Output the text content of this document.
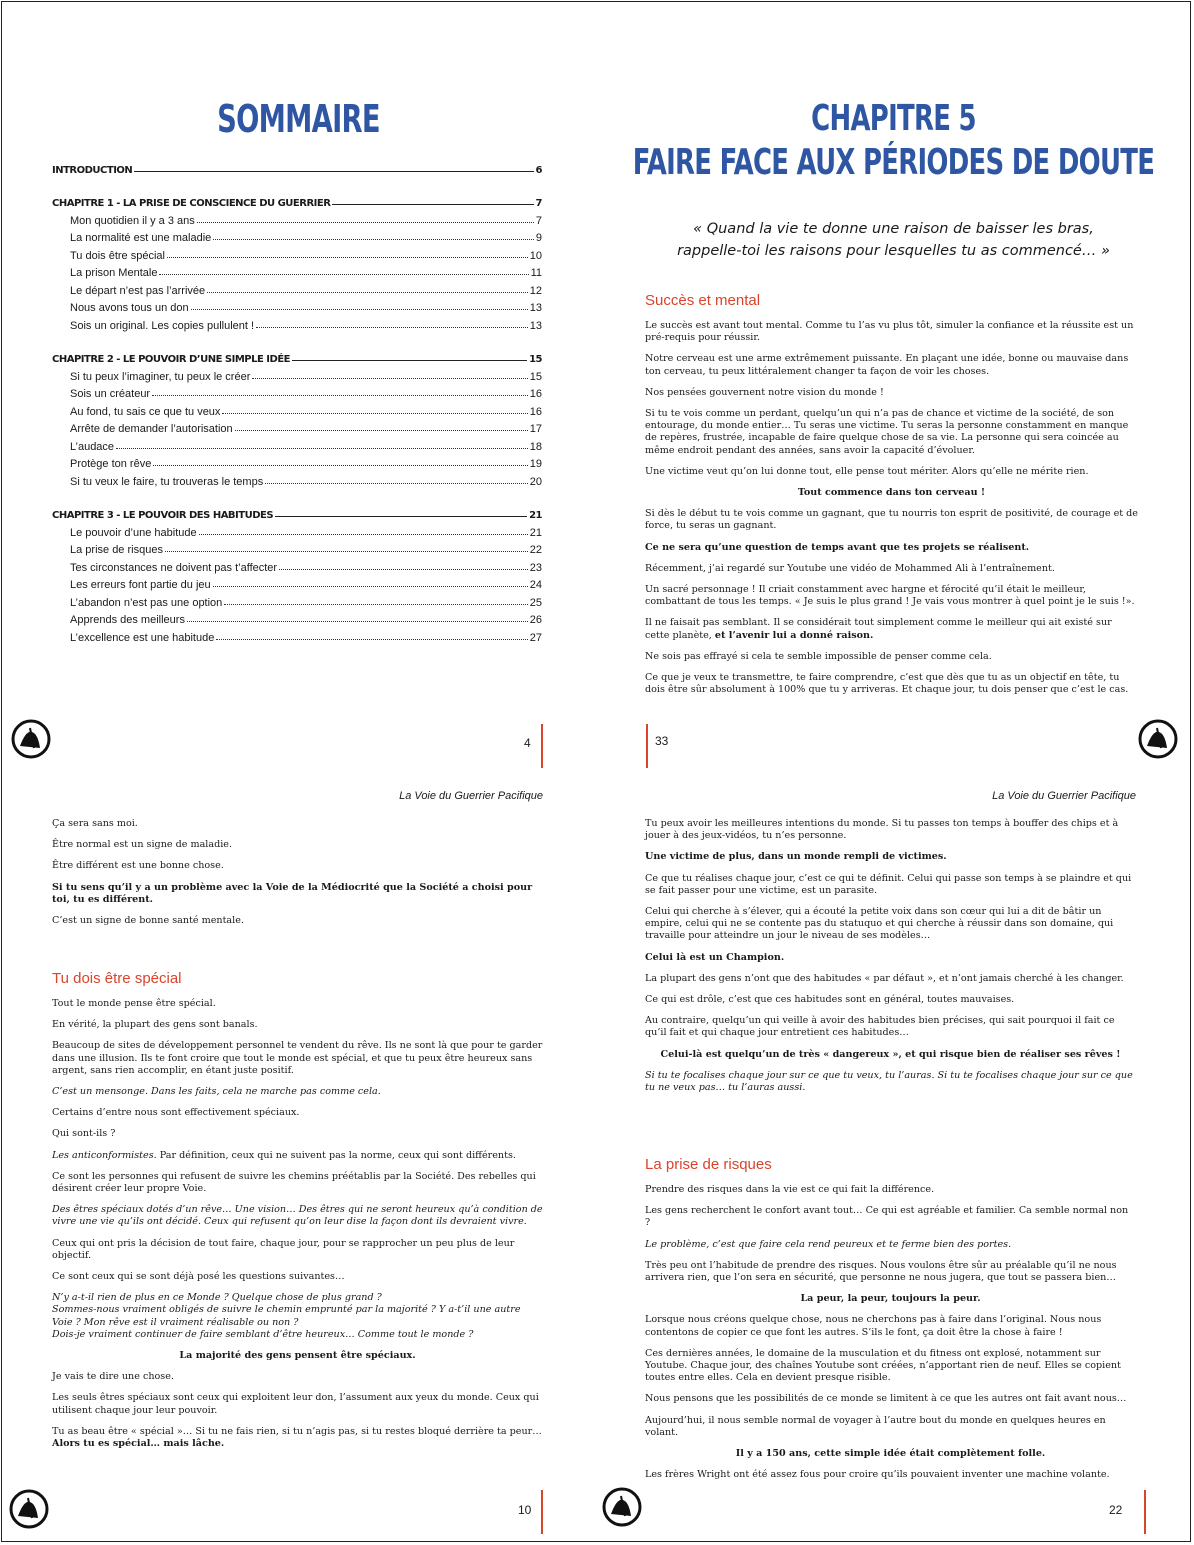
SOMMAIRE
INTRODUCTION	6
CHAPITRE 1 - LA PRISE DE CONSCIENCE DU GUERRIER	7
Mon quotidien il y a 3 ans	7
La normalité est une maladie	9
Tu dois être spécial	10
La prison Mentale	11
Le départ n’est pas l’arrivée	12
Nous avons tous un don	13
Sois un original. Les copies pullulent !	13
CHAPITRE 2 - LE POUVOIR D’UNE SIMPLE IDÉE	15
Si tu peux l’imaginer, tu peux le créer	15
Sois un créateur	16
Au fond, tu sais ce que tu veux	16
Arrête de demander l’autorisation	17
L’audace	18
Protège ton rêve	19
Si tu veux le faire, tu trouveras le temps	20
CHAPITRE 3 - LE POUVOIR DES HABITUDES	21
Le pouvoir d’une habitude	21
La prise de risques	22
Tes circonstances ne doivent pas t’affecter	23
Les erreurs font partie du jeu	24
L’abandon n’est pas une option	25
Apprends des meilleurs	26
L’excellence est une habitude	27
4
CHAPITRE 5
FAIRE FACE AUX PÉRIODES DE DOUTE
« Quand la vie te donne une raison de baisser les bras,
rappelle-toi les raisons pour lesquelles tu as commencé… »
Succès et mental

Le succès est avant tout mental. Comme tu l’as vu plus tôt, simuler la confiance et la réussite est un pré-requis pour réussir.

Notre cerveau est une arme extrêmement puissante. En plaçant une idée, bonne ou mauvaise dans ton cerveau, tu peux littéralement changer ta façon de voir les choses.

Nos pensées gouvernent notre vision du monde !

Si tu te vois comme un perdant, quelqu’un qui n’a pas de chance et victime de la société, de son entourage, du monde entier… Tu seras une victime. Tu seras la personne constamment en manque de repères, frustrée, incapable de faire quelque chose de sa vie. La personne qui sera coincée au même endroit pendant des années, sans avoir la capacité d’évoluer.

Une victime veut qu’on lui donne tout, elle pense tout mériter. Alors qu’elle ne mérite rien.

Tout commence dans ton cerveau !

Si dès le début tu te vois comme un gagnant, que tu nourris ton esprit de positivité, de courage et de force, tu seras un gagnant.

Ce ne sera qu’une question de temps avant que tes projets se réalisent.

Récemment, j’ai regardé sur Youtube une vidéo de Mohammed Ali à l’entraînement.

Un sacré personnage ! Il criait constamment avec hargne et férocité qu’il était le meilleur, combattant de tous les temps. « Je suis le plus grand ! Je vais vous montrer à quel point je le suis !».

Il ne faisait pas semblant. Il se considérait tout simplement comme le meilleur qui ait existé sur cette planète, et l’avenir lui a donné raison.

Ne sois pas effrayé si cela te semble impossible de penser comme cela.

Ce que je veux te transmettre, te faire comprendre, c’est que dès que tu as un objectif en tête, tu dois être sûr absolument à 100% que tu y arriveras. Et chaque jour, tu dois penser que c’est le cas.

33
La Voie du Guerrier Pacifique

Ça sera sans moi.

Être normal est un signe de maladie.

Être différent est une bonne chose.

Si tu sens qu’il y a un problème avec la Voie de la Médiocrité que la Société a choisi pour toi, tu es différent.

C’est un signe de bonne santé mentale.

Tu dois être spécial

Tout le monde pense être spécial.

En vérité, la plupart des gens sont banals.

Beaucoup de sites de développement personnel te vendent du rêve. Ils ne sont là que pour te garder dans une illusion. Ils te font croire que tout le monde est spécial, et que tu peux être heureux sans argent, sans rien accomplir, en étant juste positif.

C’est un mensonge. Dans les faits, cela ne marche pas comme cela.

Certains d’entre nous sont effectivement spéciaux.

Qui sont-ils ?

Les anticonformistes. Par définition, ceux qui ne suivent pas la norme, ceux qui sont différents.

Ce sont les personnes qui refusent de suivre les chemins préétablis par la Société. Des rebelles qui désirent créer leur propre Voie.

Des êtres spéciaux dotés d’un rêve… Une vision… Des êtres qui ne seront heureux qu’à condition de vivre une vie qu’ils ont décidé. Ceux qui refusent qu’on leur dise la façon dont ils devraient vivre.

Ceux qui ont pris la décision de tout faire, chaque jour, pour se rapprocher un peu plus de leur objectif.

Ce sont ceux qui se sont déjà posé les questions suivantes…

N’y a-t-il rien de plus en ce Monde ? Quelque chose de plus grand ?

Sommes-nous vraiment obligés de suivre le chemin emprunté par la majorité ? Y a-t’il une autre Voie ? Mon rêve est il vraiment réalisable ou non ?

Dois-je vraiment continuer de faire semblant d’être heureux… Comme tout le monde ?

La majorité des gens pensent être spéciaux.

Je vais te dire une chose.

Les seuls êtres spéciaux sont ceux qui exploitent leur don, l’assument aux yeux du monde. Ceux qui utilisent chaque jour leur pouvoir.

Tu as beau être « spécial »… Si tu ne fais rien, si tu n’agis pas, si tu restes bloqué derrière ta peur…
Alors tu es spécial… mais lâche.

10
La Voie du Guerrier Pacifique

Tu peux avoir les meilleures intentions du monde. Si tu passes ton temps à bouffer des chips et à jouer à des jeux-vidéos, tu n’es personne.

Une victime de plus, dans un monde rempli de victimes.

Ce que tu réalises chaque jour, c’est ce qui te définit. Celui qui passe son temps à se plaindre et qui se fait passer pour une victime, est un parasite.

Celui qui cherche à s’élever, qui a écouté la petite voix dans son cœur qui lui a dit de bâtir un empire, celui qui ne se contente pas du statuquo et qui cherche à réussir dans son domaine, qui travaille pour atteindre un jour le niveau de ses modèles…

Celui là est un Champion.

La plupart des gens n’ont que des habitudes « par défaut », et n’ont jamais cherché à les changer.

Ce qui est drôle, c’est que ces habitudes sont en général, toutes mauvaises.

Au contraire, quelqu’un qui veille à avoir des habitudes bien précises, qui sait pourquoi il fait ce qu’il fait et qui chaque jour entretient ces habitudes…

Celui-là est quelqu’un de très « dangereux », et qui risque bien de réaliser ses rêves !

Si tu te focalises chaque jour sur ce que tu veux, tu l’auras. Si tu te focalises chaque jour sur ce que tu ne veux pas… tu l’auras aussi.

La prise de risques

Prendre des risques dans la vie est ce qui fait la différence.

Les gens recherchent le confort avant tout… Ce qui est agréable et familier. Ca semble normal non ?

Le problème, c’est que faire cela rend peureux et te ferme bien des portes.

Très peu ont l’habitude de prendre des risques. Nous voulons être sûr au préalable qu’il ne nous arrivera rien, que l’on sera en sécurité, que personne ne nous jugera, que tout se passera bien…

La peur, la peur, toujours la peur.

Lorsque nous créons quelque chose, nous ne cherchons pas à faire dans l’original. Nous nous contentons de copier ce que font les autres. S’ils le font, ça doit être la chose à faire !

Ces dernières années, le domaine de la musculation et du fitness ont explosé, notamment sur Youtube. Chaque jour, des chaînes Youtube sont créées, n’apportant rien de neuf. Elles se copient toutes entre elles. Cela en devient presque risible.

Nous pensons que les possibilités de ce monde se limitent à ce que les autres ont fait avant nous…

Aujourd’hui, il nous semble normal de voyager à l’autre bout du monde en quelques heures en volant.

Il y a 150 ans, cette simple idée était complètement folle.

Les frères Wright ont été assez fous pour croire qu’ils pouvaient inventer une machine volante.

22
